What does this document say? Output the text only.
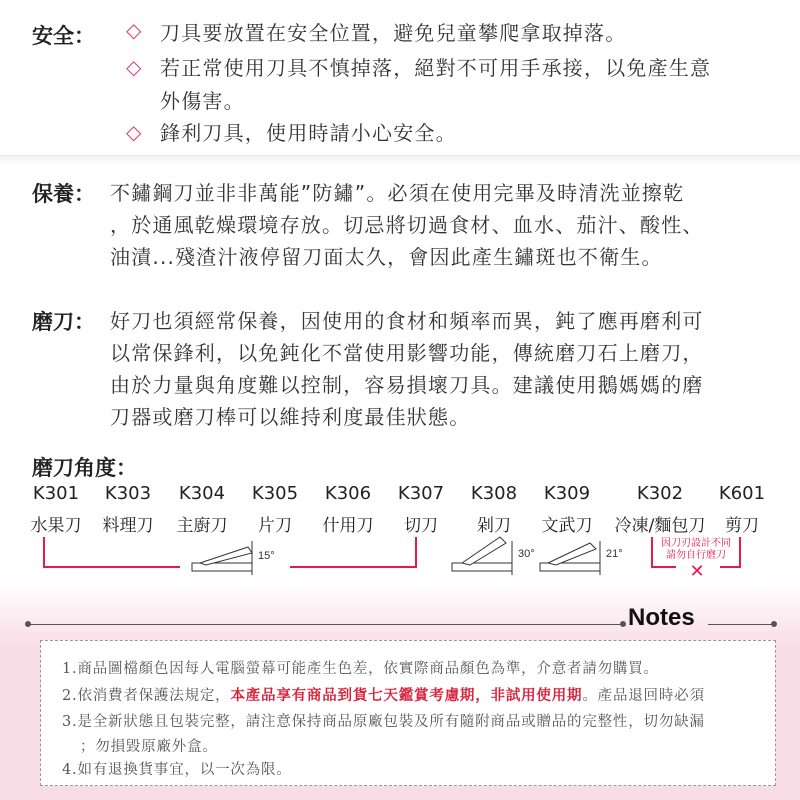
安全： ◇ 刀具要放置在安全位置，避免兒童攀爬拿取掉落。
◇ 若正常使用刀具不慎掉落，絕對不可用手承接，以免產生意
外傷害。
◇ 鋒利刀具，使用時請小心安全。
保養： 不鏽鋼刀並非非萬能”防鏽”。必須在使用完畢及時清洗並擦乾
，於通風乾燥環境存放。切忌將切過食材、血水、茄汁、酸性、
油漬...殘渣汁液停留刀面太久，會因此產生鏽斑也不衛生。
磨刀： 好刀也須經常保養，因使用的食材和頻率而異，鈍了應再磨利可
以常保鋒利，以免鈍化不當使用影響功能，傳統磨刀石上磨刀，
由於力量與角度難以控制，容易損壞刀具。建議使用鵝媽媽的磨
刀器或磨刀棒可以維持利度最佳狀態。
磨刀角度：
K301 K303 K304 K305 K306 K307 K308 K309	K302 K601
水果刀 料理刀 主廚刀 片刀 什用刀 切刀 剁刀 文武刀 冷凍/麵包刀 剪刀
15°	30°	21°
因刀刃設計不同
請勿自行磨刀
✕
Notes
1.商品圖檔顏色因每人電腦螢幕可能產生色差，依實際商品顏色為準，介意者請勿購買。
2.依消費者保護法規定，本產品享有商品到貨七天鑑賞考慮期，非試用使用期。產品退回時必須
3.是全新狀態且包裝完整，請注意保持商品原廠包裝及所有隨附商品或贈品的完整性，切勿缺漏
；勿損毀原廠外盒。
4.如有退換貨事宜，以一次為限。
